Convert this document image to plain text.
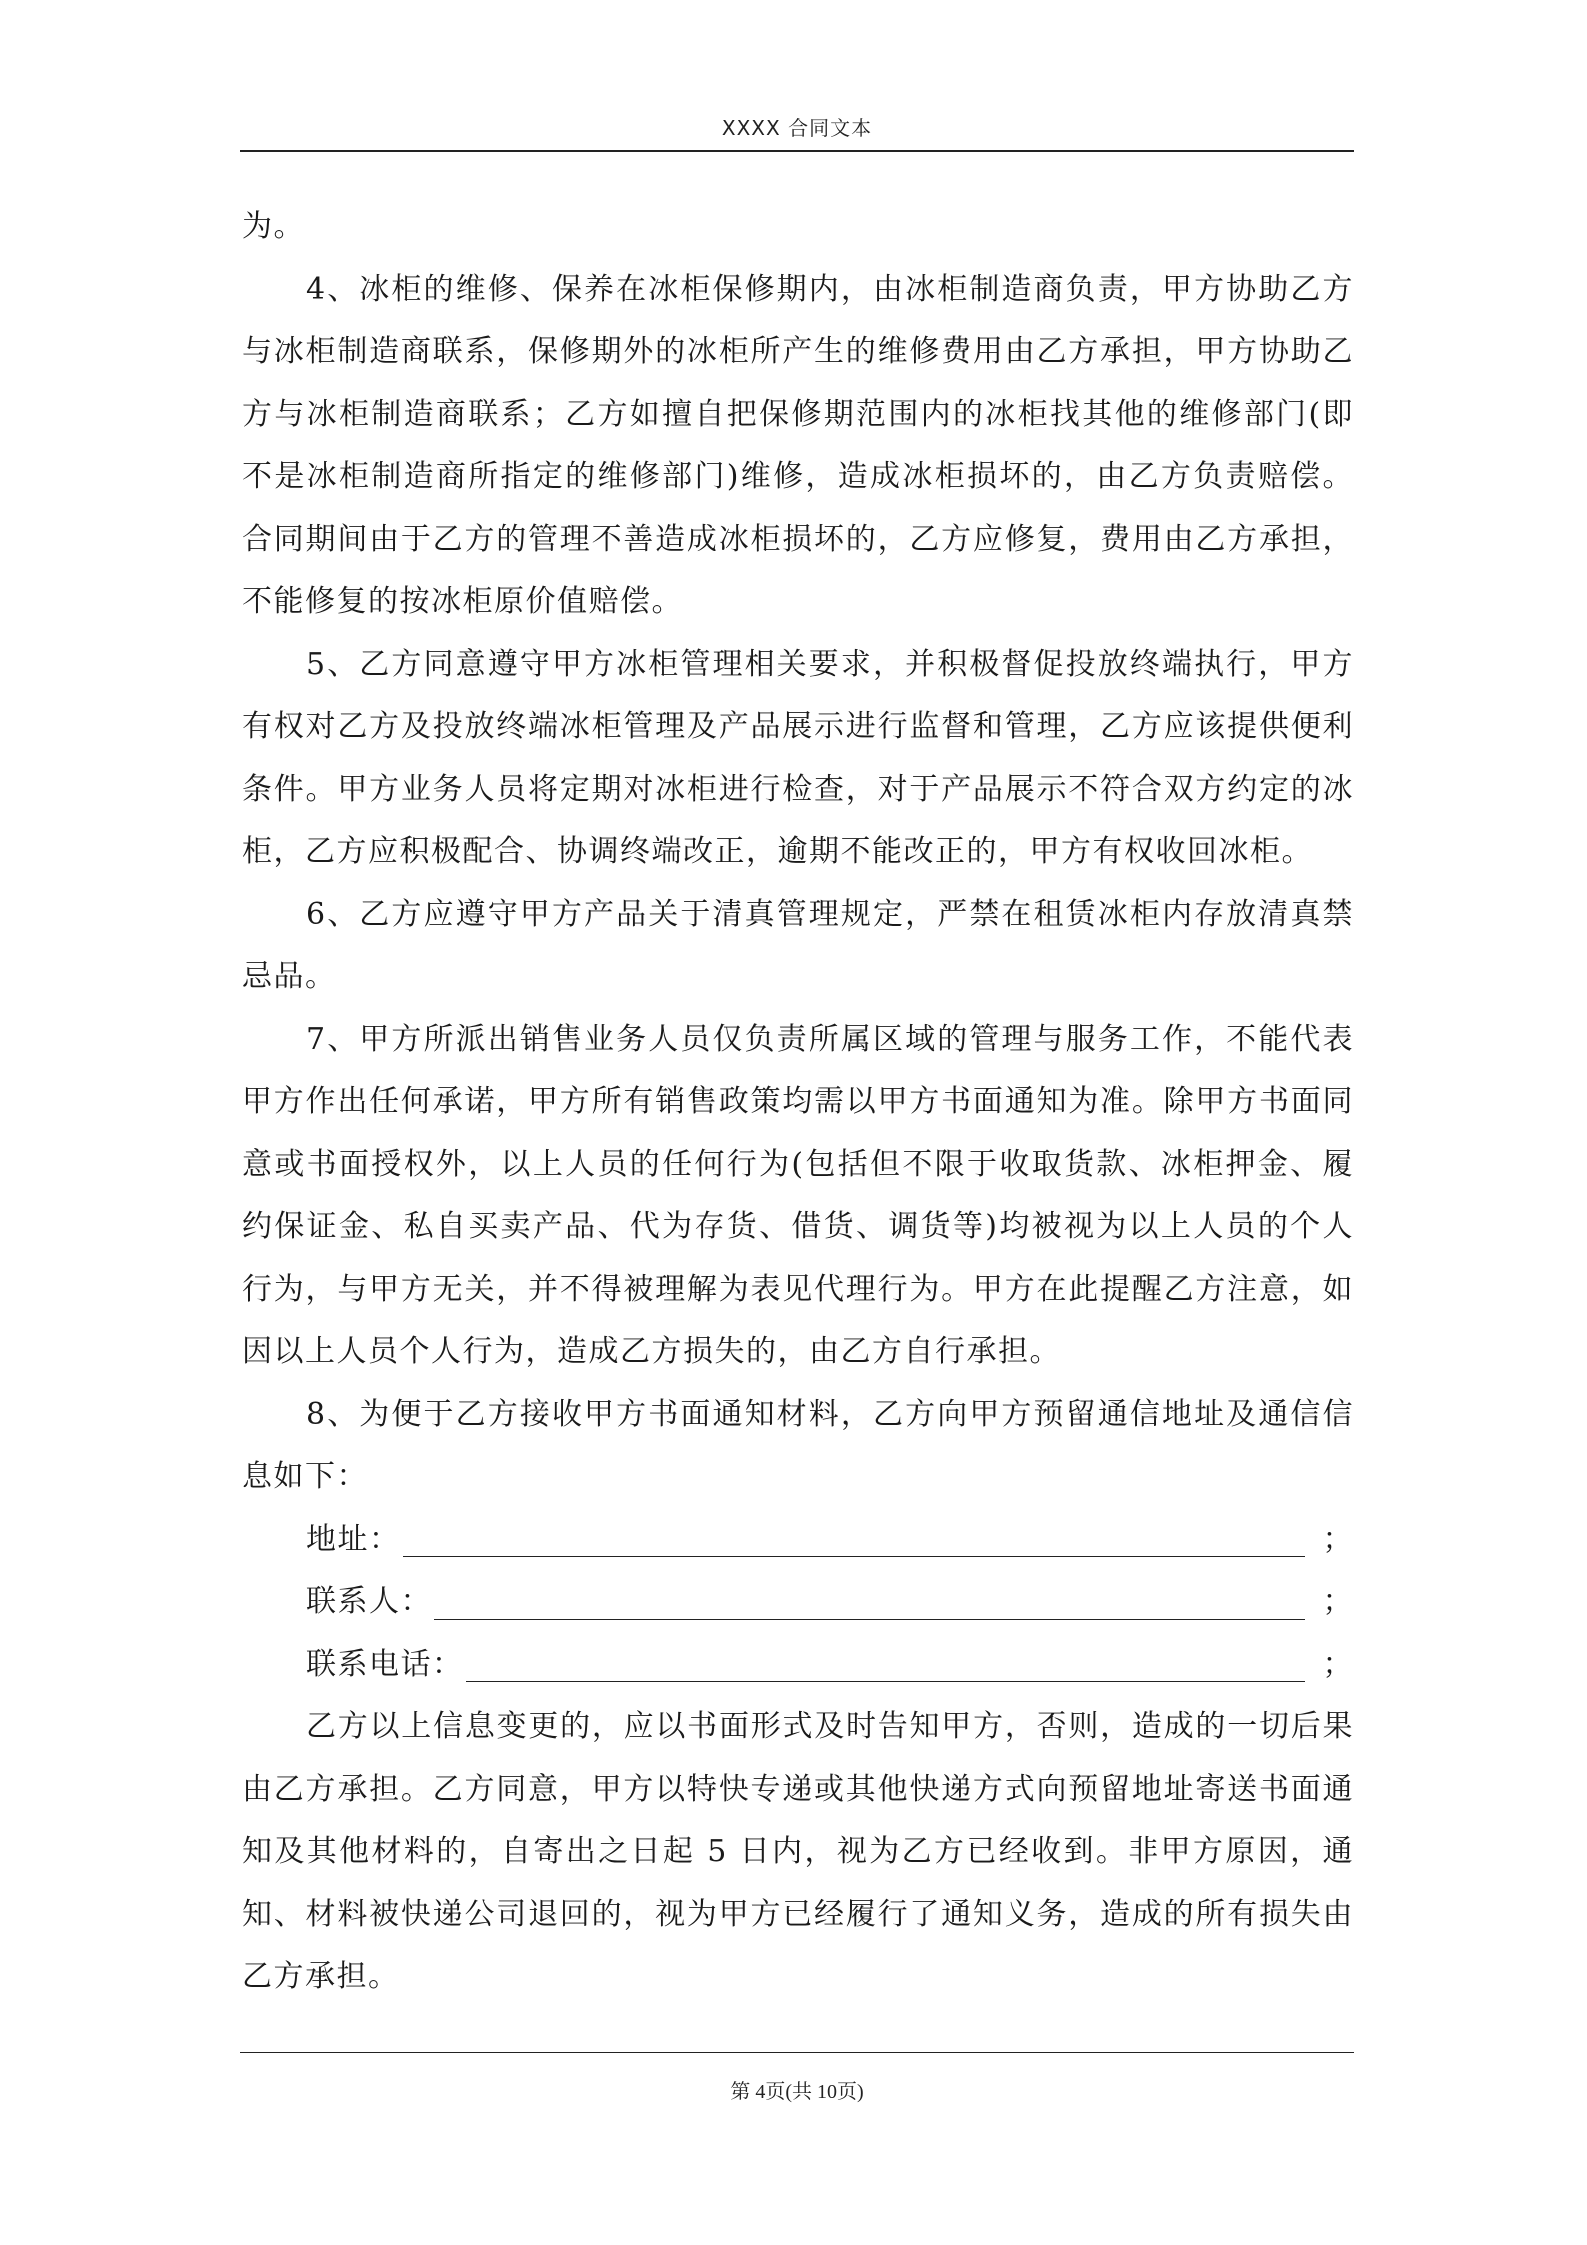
XXXX 合同文本

为。

4、冰柜的维修、保养在冰柜保修期内，由冰柜制造商负责，甲方协助乙方与冰柜制造商联系，保修期外的冰柜所产生的维修费用由乙方承担，甲方协助乙方与冰柜制造商联系；乙方如擅自把保修期范围内的冰柜找其他的维修部门(即不是冰柜制造商所指定的维修部门)维修，造成冰柜损坏的，由乙方负责赔偿。合同期间由于乙方的管理不善造成冰柜损坏的，乙方应修复，费用由乙方承担，不能修复的按冰柜原价值赔偿。

5、乙方同意遵守甲方冰柜管理相关要求，并积极督促投放终端执行，甲方有权对乙方及投放终端冰柜管理及产品展示进行监督和管理，乙方应该提供便利条件。甲方业务人员将定期对冰柜进行检查，对于产品展示不符合双方约定的冰柜，乙方应积极配合、协调终端改正，逾期不能改正的，甲方有权收回冰柜。

6、乙方应遵守甲方产品关于清真管理规定，严禁在租赁冰柜内存放清真禁忌品。

7、甲方所派出销售业务人员仅负责所属区域的管理与服务工作，不能代表甲方作出任何承诺，甲方所有销售政策均需以甲方书面通知为准。除甲方书面同意或书面授权外，以上人员的任何行为(包括但不限于收取货款、冰柜押金、履约保证金、私自买卖产品、代为存货、借货、调货等)均被视为以上人员的个人行为，与甲方无关，并不得被理解为表见代理行为。甲方在此提醒乙方注意，如因以上人员个人行为，造成乙方损失的，由乙方自行承担。

8、为便于乙方接收甲方书面通知材料，乙方向甲方预留通信地址及通信信息如下：

地址：	；
联系人：	；
联系电话：	；

乙方以上信息变更的，应以书面形式及时告知甲方，否则，造成的一切后果由乙方承担。乙方同意，甲方以特快专递或其他快递方式向预留地址寄送书面通知及其他材料的，自寄出之日起 5 日内，视为乙方已经收到。非甲方原因，通知、材料被快递公司退回的，视为甲方已经履行了通知义务，造成的所有损失由乙方承担。

第 4页(共 10页)
